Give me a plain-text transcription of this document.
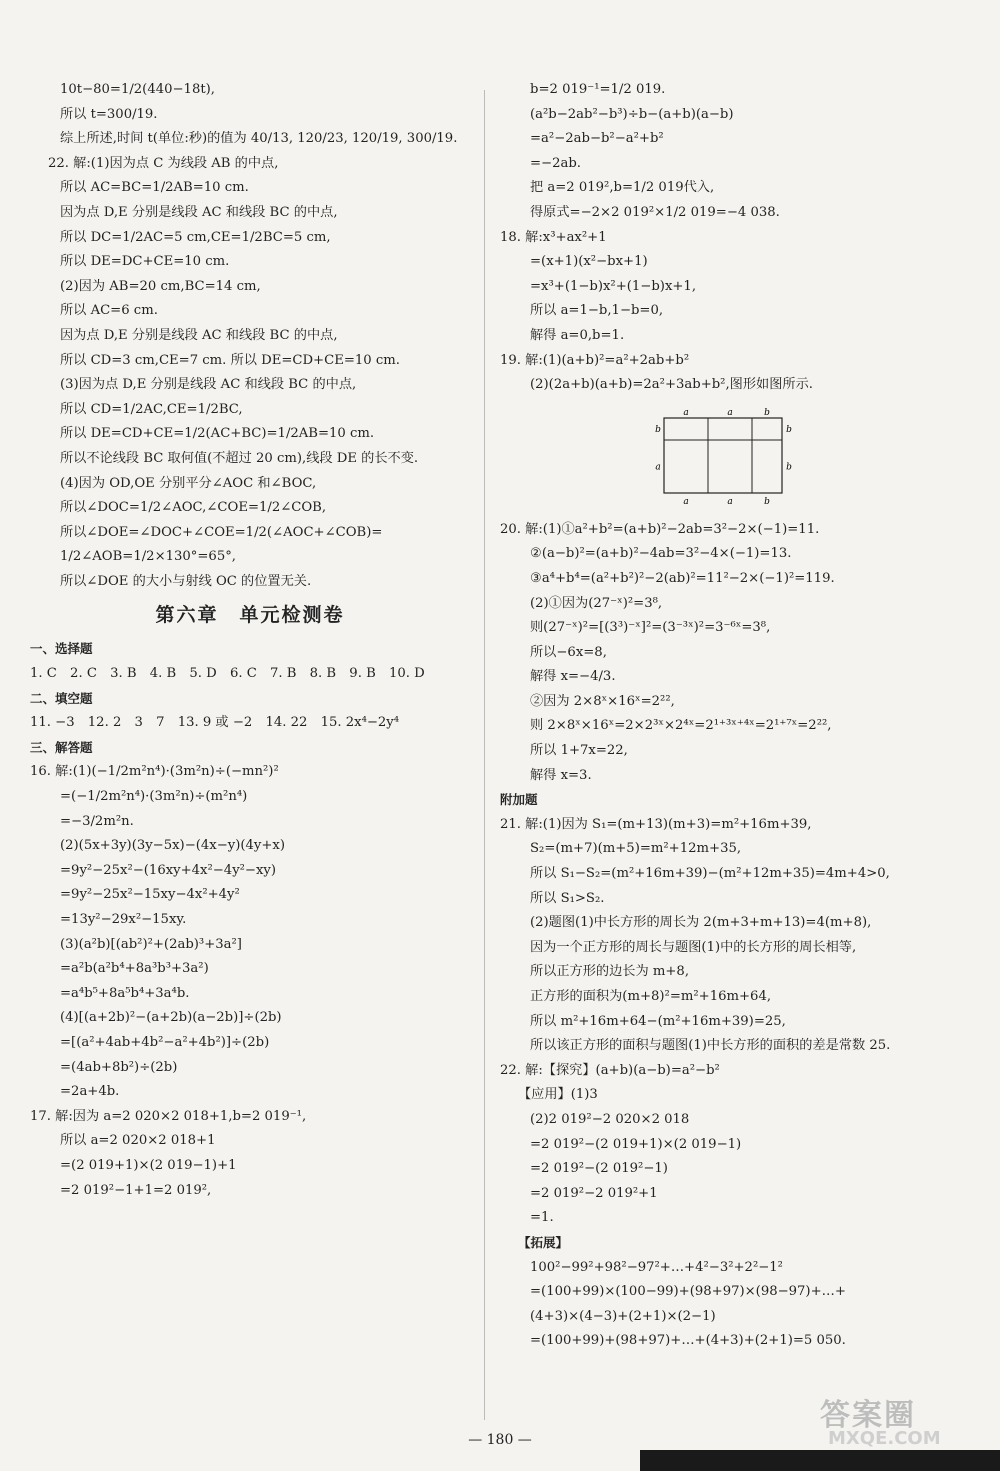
10t−80=1/2(440−18t),
所以 t=300/19.
综上所述,时间 t(单位:秒)的值为 40/13, 120/23, 120/19, 300/19.
22. 解:(1)因为点 C 为线段 AB 的中点,
所以 AC=BC=1/2AB=10 cm.
因为点 D,E 分别是线段 AC 和线段 BC 的中点,
所以 DC=1/2AC=5 cm,CE=1/2BC=5 cm,
所以 DE=DC+CE=10 cm.
(2)因为 AB=20 cm,BC=14 cm,
所以 AC=6 cm.
因为点 D,E 分别是线段 AC 和线段 BC 的中点,
所以 CD=3 cm,CE=7 cm. 所以 DE=CD+CE=10 cm.
(3)因为点 D,E 分别是线段 AC 和线段 BC 的中点,
所以 CD=1/2AC,CE=1/2BC,
所以 DE=CD+CE=1/2(AC+BC)=1/2AB=10 cm.
所以不论线段 BC 取何值(不超过 20 cm),线段 DE 的长不变.
(4)因为 OD,OE 分别平分∠AOC 和∠BOC,
所以∠DOC=1/2∠AOC,∠COE=1/2∠COB,
所以∠DOE=∠DOC+∠COE=1/2(∠AOC+∠COB)=
1/2∠AOB=1/2×130°=65°,
所以∠DOE 的大小与射线 OC 的位置无关.
第六章　单元检测卷
一、选择题
1. C　2. C　3. B　4. B　5. D　6. C　7. B　8. B　9. B　10. D
二、填空题
11. −3　12. 2　3　7　13. 9 或 −2　14. 22　15. 2x⁴−2y⁴
三、解答题
16. 解:(1)(−1/2m²n⁴)·(3m²n)÷(−mn²)²
=(−1/2m²n⁴)·(3m²n)÷(m²n⁴)
=−3/2m²n.
(2)(5x+3y)(3y−5x)−(4x−y)(4y+x)
=9y²−25x²−(16xy+4x²−4y²−xy)
=9y²−25x²−15xy−4x²+4y²
=13y²−29x²−15xy.
(3)(a²b)[(ab²)²+(2ab)³+3a²]
=a²b(a²b⁴+8a³b³+3a²)
=a⁴b⁵+8a⁵b⁴+3a⁴b.
(4)[(a+2b)²−(a+2b)(a−2b)]÷(2b)
=[(a²+4ab+4b²−a²+4b²)]÷(2b)
=(4ab+8b²)÷(2b)
=2a+4b.
17. 解:因为 a=2 020×2 018+1,b=2 019⁻¹,
所以 a=2 020×2 018+1
=(2 019+1)×(2 019−1)+1
=2 019²−1+1=2 019²,
b=2 019⁻¹=1/2 019.
(a²b−2ab²−b³)÷b−(a+b)(a−b)
=a²−2ab−b²−a²+b²
=−2ab.
把 a=2 019²,b=1/2 019代入,
得原式=−2×2 019²×1/2 019=−4 038.
18. 解:x³+ax²+1
=(x+1)(x²−bx+1)
=x³+(1−b)x²+(1−b)x+1,
所以 a=1−b,1−b=0,
解得 a=0,b=1.
19. 解:(1)(a+b)²=a²+2ab+b²
(2)(2a+b)(a+b)=2a²+3ab+b²,图形如图所示.
a	a	b
a	a	b
b
a
b
b
20. 解:(1)①a²+b²=(a+b)²−2ab=3²−2×(−1)=11.
②(a−b)²=(a+b)²−4ab=3²−4×(−1)=13.
③a⁴+b⁴=(a²+b²)²−2(ab)²=11²−2×(−1)²=119.
(2)①因为(27⁻ˣ)²=3⁸,
则(27⁻ˣ)²=[(3³)⁻ˣ]²=(3⁻³ˣ)²=3⁻⁶ˣ=3⁸,
所以−6x=8,
解得 x=−4/3.
②因为 2×8ˣ×16ˣ=2²²,
则 2×8ˣ×16ˣ=2×2³ˣ×2⁴ˣ=2¹⁺³ˣ⁺⁴ˣ=2¹⁺⁷ˣ=2²²,
所以 1+7x=22,
解得 x=3.
附加题
21. 解:(1)因为 S₁=(m+13)(m+3)=m²+16m+39,
S₂=(m+7)(m+5)=m²+12m+35,
所以 S₁−S₂=(m²+16m+39)−(m²+12m+35)=4m+4>0,
所以 S₁>S₂.
(2)题图(1)中长方形的周长为 2(m+3+m+13)=4(m+8),
因为一个正方形的周长与题图(1)中的长方形的周长相等,
所以正方形的边长为 m+8,
正方形的面积为(m+8)²=m²+16m+64,
所以 m²+16m+64−(m²+16m+39)=25,
所以该正方形的面积与题图(1)中长方形的面积的差是常数 25.
22. 解:【探究】(a+b)(a−b)=a²−b²
【应用】(1)3
(2)2 019²−2 020×2 018
=2 019²−(2 019+1)×(2 019−1)
=2 019²−(2 019²−1)
=2 019²−2 019²+1
=1.
【拓展】
100²−99²+98²−97²+…+4²−3²+2²−1²
=(100+99)×(100−99)+(98+97)×(98−97)+…+
(4+3)×(4−3)+(2+1)×(2−1)
=(100+99)+(98+97)+…+(4+3)+(2+1)=5 050.
— 180 —
答案圈
MXQE.COM
